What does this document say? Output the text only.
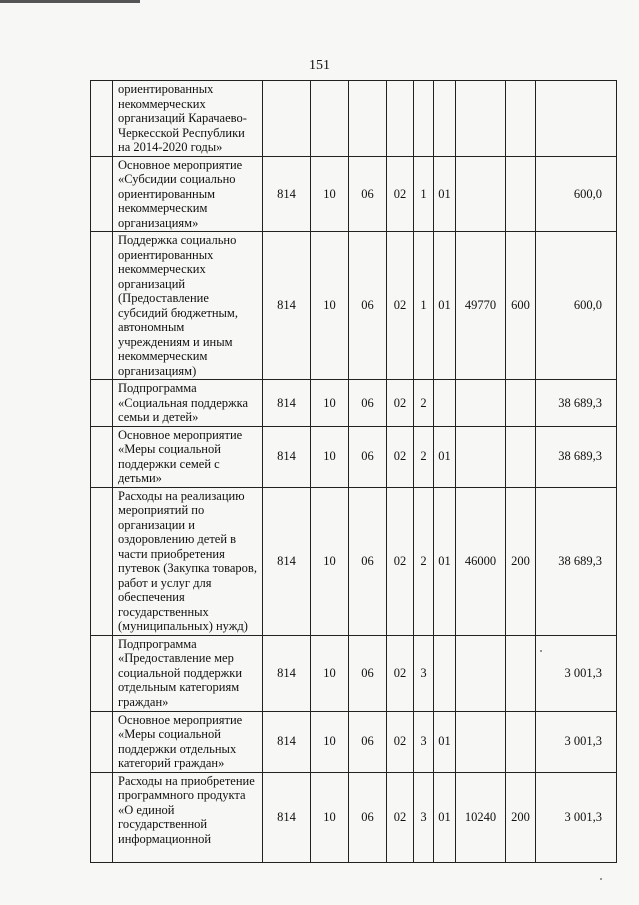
151
	ориентированных некоммерческих организаций Карачаево-Черкесской Республики на 2014-2020 годы»									
	Основное мероприятие «Субсидии социально ориентированным некоммерческим организациям»	814	10	06	02	1	01			600,0
	Поддержка социально ориентированных некоммерческих организаций (Предоставление субсидий бюджетным, автономным учреждениям и иным некоммерческим организациям)	814	10	06	02	1	01	49770	600	600,0
	Подпрограмма «Социальная поддержка семьи и детей»	814	10	06	02	2				38 689,3
	Основное мероприятие «Меры социальной поддержки семей с детьми»	814	10	06	02	2	01			38 689,3
	Расходы на реализацию мероприятий по организации и оздоровлению детей в части приобретения путевок (Закупка товаров, работ и услуг для обеспечения государственных (муниципальных) нужд)	814	10	06	02	2	01	46000	200	38 689,3
	Подпрограмма «Предоставление мер социальной поддержки отдельным категориям граждан»	814	10	06	02	3				3 001,3
	Основное мероприятие «Меры социальной поддержки отдельных категорий граждан»	814	10	06	02	3	01			3 001,3
	Расходы на приобретение программного продукта «О единой государственной информационной	814	10	06	02	3	01	10240	200	3 001,3
